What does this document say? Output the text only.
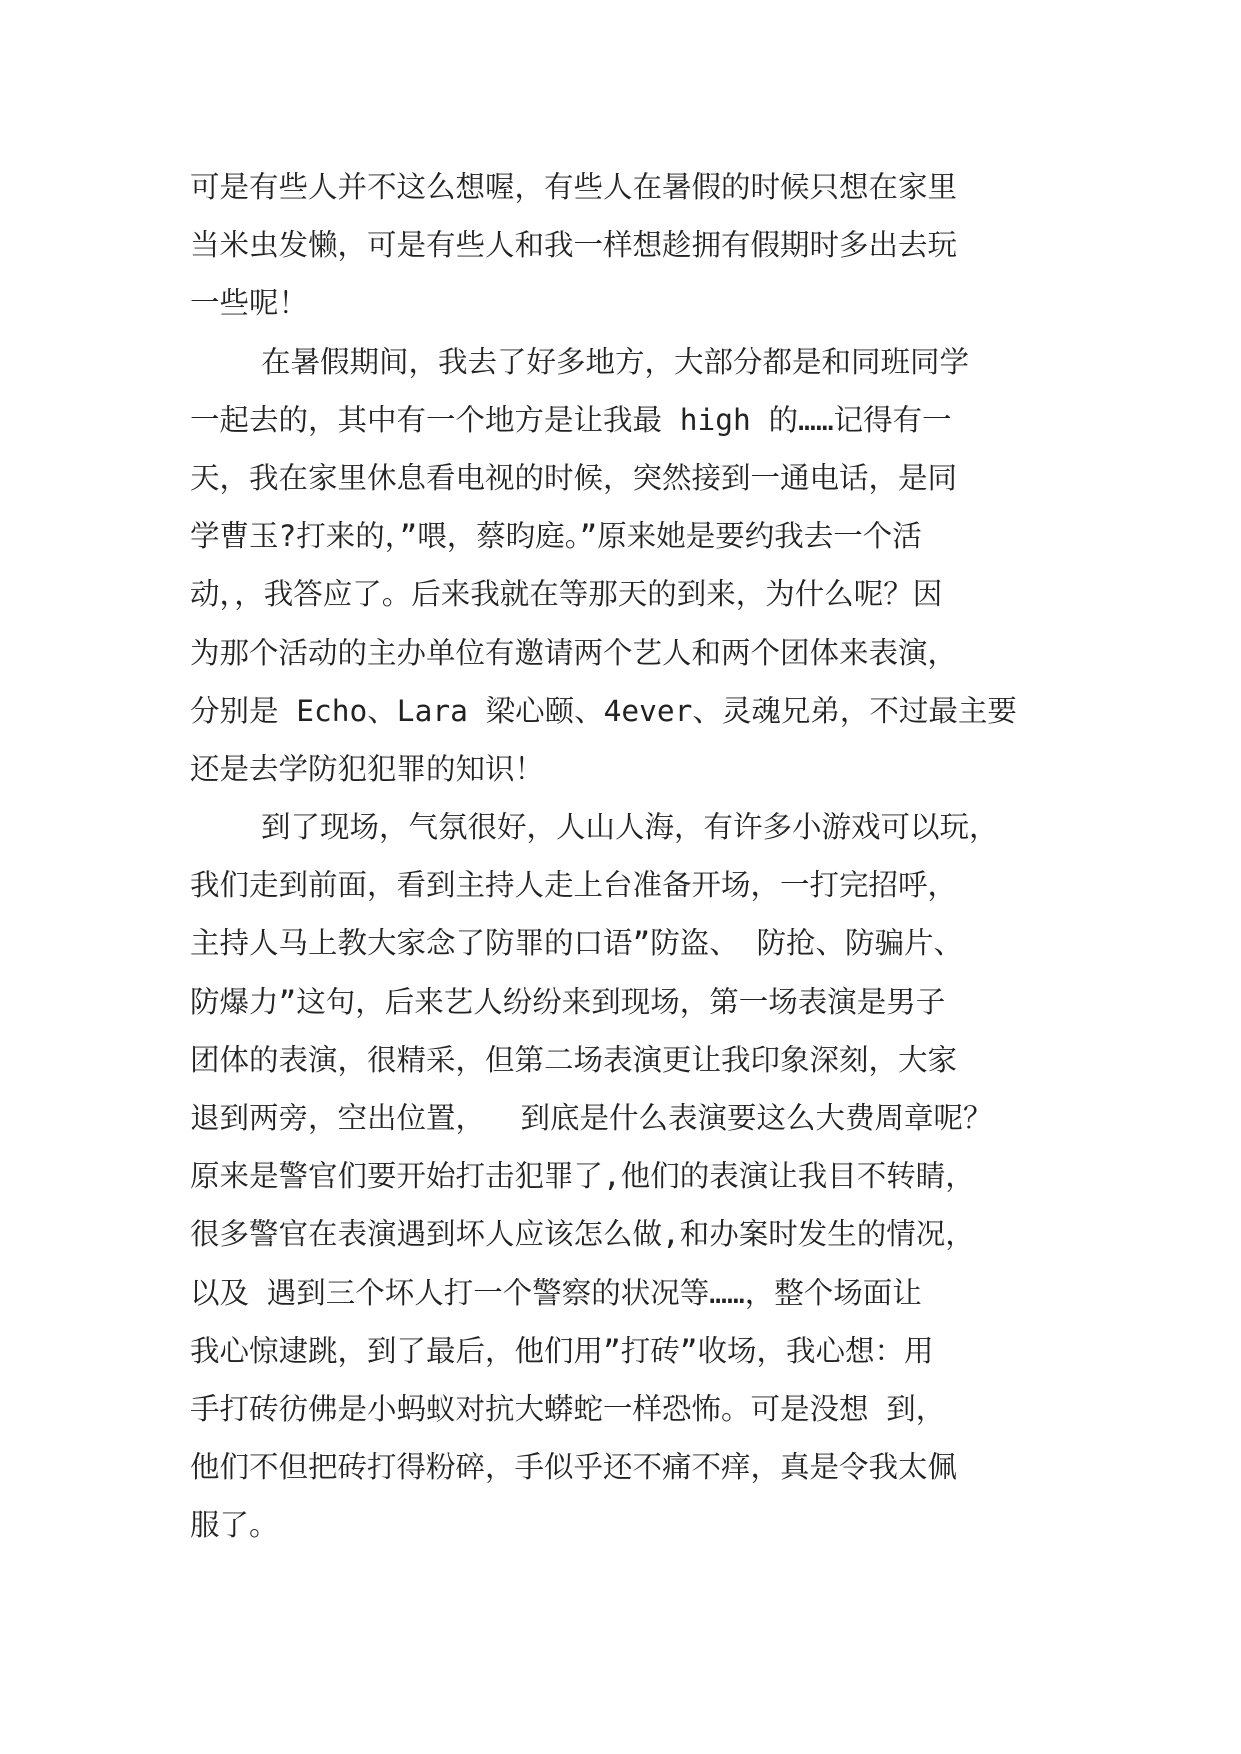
可是有些人并不这么想喔，有些人在暑假的时候只想在家里
当米虫发懒，可是有些人和我一样想趁拥有假期时多出去玩
一些呢！
在暑假期间，我去了好多地方，大部分都是和同班同学
一起去的，其中有一个地方是让我最 high 的……记得有一
天，我在家里休息看电视的时候，突然接到一通电话，是同
学曹玉?打来的，”喂，蔡昀庭。”原来她是要约我去一个活
动，，我答应了。后来我就在等那天的到来，为什么呢？因
为那个活动的主办单位有邀请两个艺人和两个团体来表演，
分别是 Echo、Lara 梁心颐、4ever、灵魂兄弟，不过最主要
还是去学防犯犯罪的知识！
到了现场，气氛很好，人山人海，有许多小游戏可以玩，
我们走到前面，看到主持人走上台准备开场，一打完招呼，
主持人马上教大家念了防罪的口语”防盗、 防抢、防骗片、
防爆力”这句，后来艺人纷纷来到现场，第一场表演是男子
团体的表演，很精采，但第二场表演更让我印象深刻，大家
退到两旁，空出位置，  到底是什么表演要这么大费周章呢？
原来是警官们要开始打击犯罪了,他们的表演让我目不转睛，
很多警官在表演遇到坏人应该怎么做,和办案时发生的情况，
以及 遇到三个坏人打一个警察的状况等……，整个场面让
我心惊逮跳，到了最后，他们用”打砖”收场，我心想：用
手打砖彷佛是小蚂蚁对抗大蟒蛇一样恐怖。可是没想 到，
他们不但把砖打得粉碎，手似乎还不痛不痒，真是令我太佩
服了。
